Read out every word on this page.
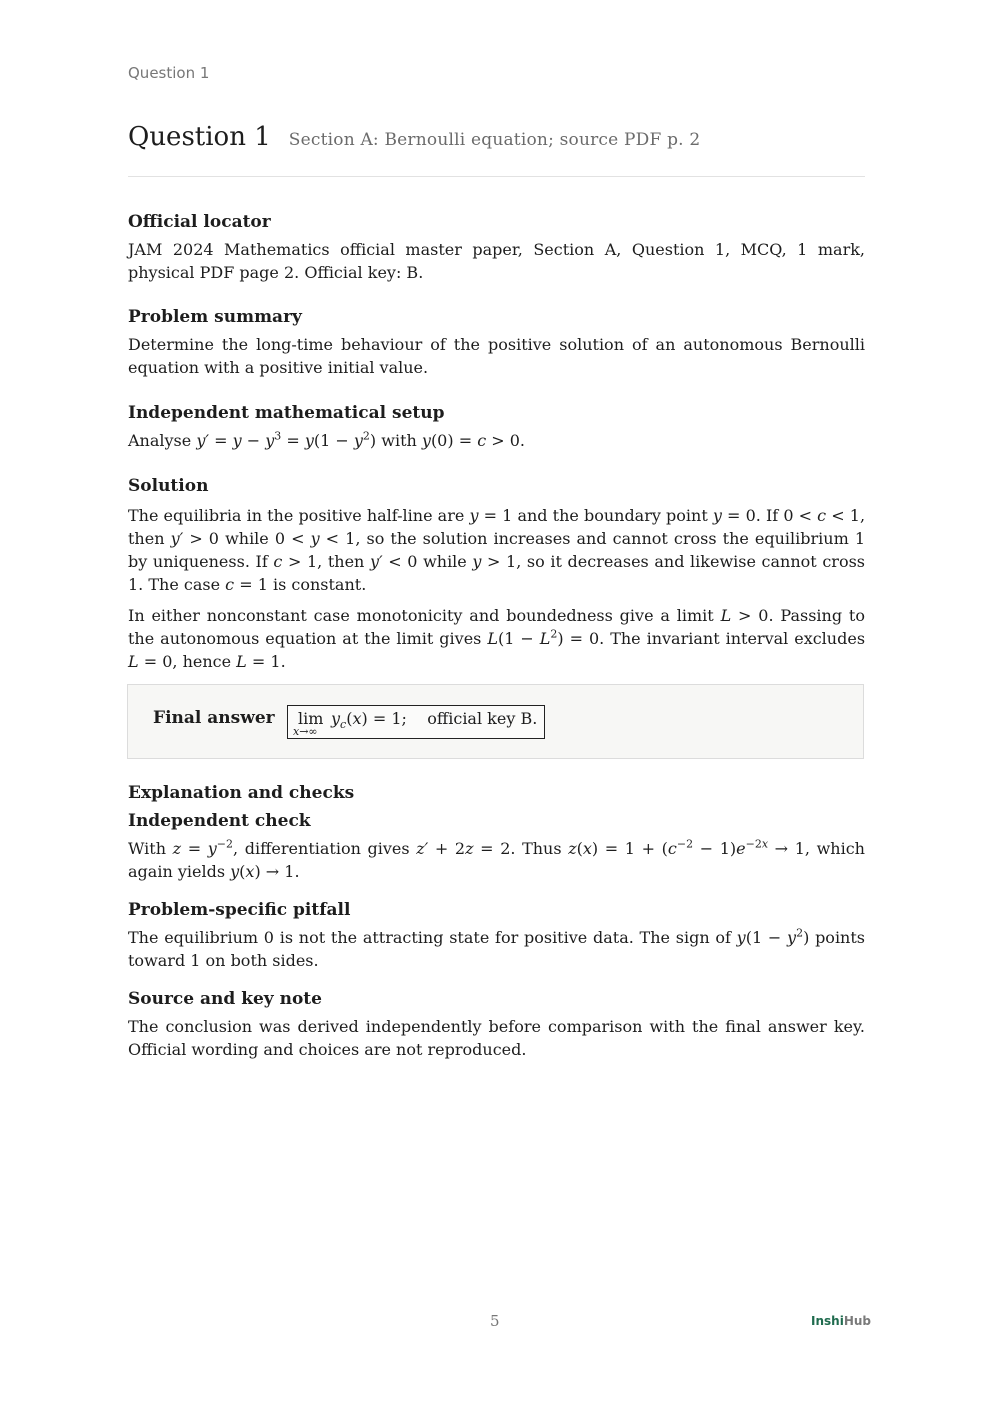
Question 1
Question 1 Section A: Bernoulli equation; source PDF p. 2
Official locator
JAM 2024 Mathematics official master paper, Section A, Question 1, MCQ, 1 mark, physical PDF page 2. Official key: B.
Problem summary
Determine the long-time behaviour of the positive solution of an autonomous Bernoulli equation with a positive initial value.
Independent mathematical setup
Analyse $y' = y - y^3 = y(1 - y^2)$ with y(0) = c > 0.
Solution
The equilibria in the positive half-line are y = 1 and the boundary point y = 0. If 0 < c < 1, then y′ > 0 while 0 < y < 1, so the solution increases and cannot cross the equilibrium 1 by uniqueness. If c > 1, then y′ < 0 while y > 1, so it decreases and likewise cannot cross 1. The case c = 1 is constant.
In either nonconstant case monotonicity and boundedness give a limit L > 0. Passing to the autonomous equation at the limit gives $L(1 - L^2) = 0$. The invariant interval excludes L = 0, hence L = 1.
Final answer lim
x→∞
$y_c(x) = 1$;    official key B.
Explanation and checks
Independent check
With $z = y^{-2}$, differentiation gives z′ + 2z = 2. Thus $z(x) = 1 + (c^{-2} - 1)e^{-2x} \to 1$, which again yields y(x) → 1.
Problem-specific pitfall
The equilibrium 0 is not the attracting state for positive data. The sign of $y(1 - y^2)$ points toward 1 on both sides.
Source and key note
The conclusion was derived independently before comparison with the final answer key. Official wording and choices are not reproduced.
5	InshiHub
